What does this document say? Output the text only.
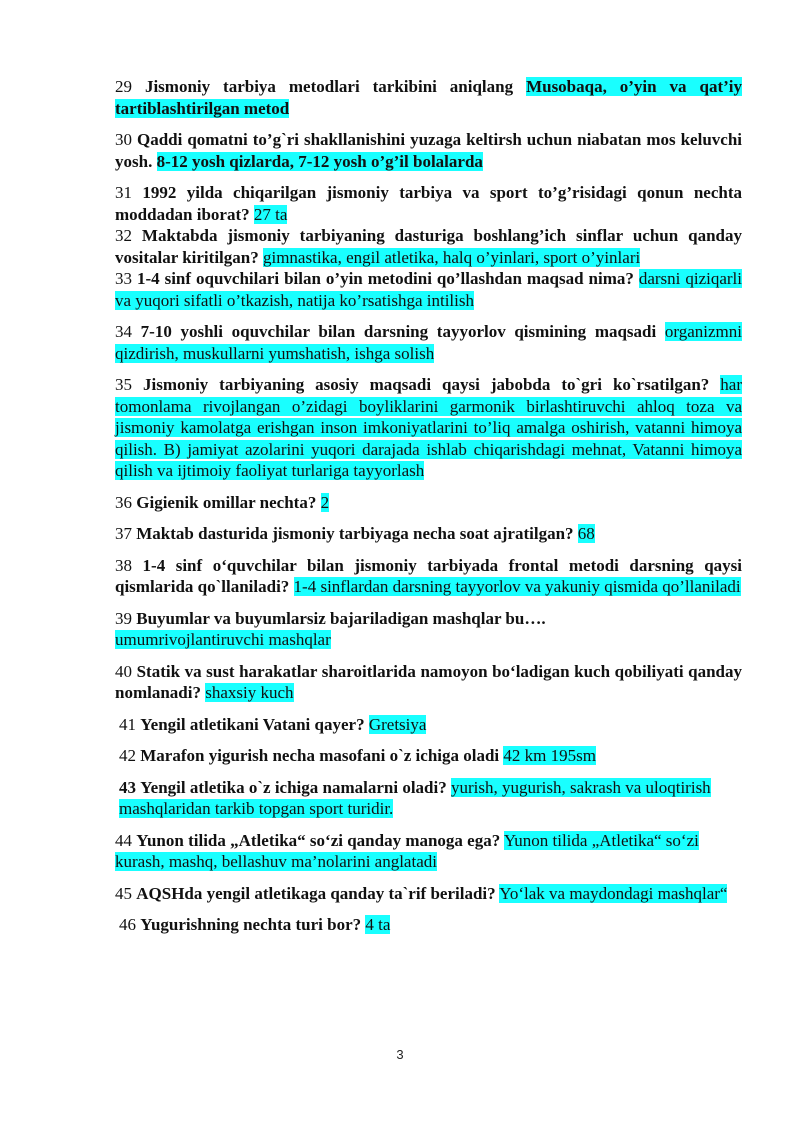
29 Jismoniy tarbiya metodlari tarkibini aniqlang Musobaqa, o’yin va qat’iy tartiblashtirilgan metod

30 Qaddi qomatni to’g`ri shakllanishini yuzaga keltirsh uchun niabatan mos keluvchi yosh. 8-12 yosh qizlarda, 7-12 yosh o’g’il bolalarda

31 1992 yilda chiqarilgan jismoniy tarbiya va sport to’g’risidagi qonun nechta moddadan iborat? 27 ta

32 Maktabda jismoniy tarbiyaning dasturiga boshlang’ich sinflar uchun qanday vositalar kiritilgan? gimnastika, engil atletika, halq o’yinlari, sport o’yinlari

33 1-4 sinf oquvchilari bilan o’yin metodini qo’llashdan maqsad nima? darsni qiziqarli va yuqori sifatli o’tkazish, natija ko’rsatishga intilish

34 7-10 yoshli oquvchilar bilan darsning tayyorlov qismining maqsadi organizmni qizdirish, muskullarni yumshatish, ishga solish

35 Jismoniy tarbiyaning asosiy maqsadi qaysi jabobda to`gri ko`rsatilgan? har tomonlama rivojlangan o’zidagi boyliklarini garmonik birlashtiruvchi ahloq toza va jismoniy kamolatga erishgan inson imkoniyatlarini to’liq amalga oshirish, vatanni himoya qilish. B) jamiyat azolarini yuqori darajada ishlab chiqarishdagi mehnat, Vatanni himoya qilish va ijtimoiy faoliyat turlariga tayyorlash

36 Gigienik omillar nechta? 2

37 Maktab dasturida jismoniy tarbiyaga necha soat ajratilgan? 68

38 1-4 sinf o‘quvchilar bilan jismoniy tarbiyada frontal metodi darsning qaysi qismlarida qo`llaniladi? 1-4 sinflardan darsning tayyorlov va yakuniy qismida qo’llaniladi

39 Buyumlar va buyumlarsiz bajariladigan mashqlar bu….
umumrivojlantiruvchi mashqlar

40 Statik va sust harakatlar sharoitlarida namoyon bo‘ladigan kuch qobiliyati qanday nomlanadi? shaxsiy kuch

41 Yengil atletikani Vatani qayer? Gretsiya

42 Marafon yigurish necha masofani o`z ichiga oladi 42 km 195sm

43 Yengil atletika o`z ichiga namalarni oladi? yurish, yugurish, sakrash va uloqtirish mashqlaridan tarkib topgan sport turidir.

44 Yunon tilida „Atletika“ so‘zi qanday manoga ega? Yunon tilida „Atletika“ so‘zi kurash, mashq, bellashuv ma’nolarini anglatadi

45 AQSHda yengil atletikaga qanday ta`rif beriladi? Yo‘lak va maydondagi mashqlar“

46 Yugurishning nechta turi bor? 4 ta

3
